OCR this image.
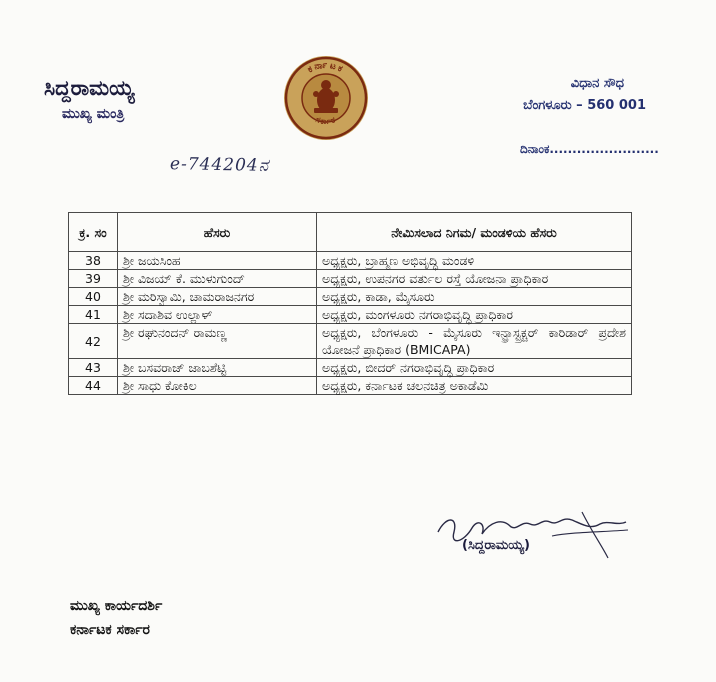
ಸಿದ್ದರಾಮಯ್ಯ
ಮುಖ್ಯ ಮಂತ್ರಿ
ಕರ್ನಾಟಕ
ಸರ್ಕಾರ
ವಿಧಾನ ಸೌಧ
ಬೆಂಗಳೂರು – 560 001
ದಿನಾಂಕ........................
e-744204ನ
ಕ್ರ. ಸಂ	ಹೆಸರು	ನೇಮಿಸಲಾದ ನಿಗಮ/ ಮಂಡಳಿಯ ಹೆಸರು
38	ಶ್ರೀ ಜಯಸಿಂಹ	ಅಧ್ಯಕ್ಷರು, ಬ್ರಾಹ್ಮಣ ಅಭಿವೃದ್ಧಿ ಮಂಡಳಿ
39	ಶ್ರೀ ವಿಜಯ್ ಕೆ. ಮುಳುಗುಂದ್	ಅಧ್ಯಕ್ಷರು, ಉಪನಗರ ವರ್ತುಲ ರಸ್ತೆ ಯೋಜನಾ ಪ್ರಾಧಿಕಾರ
40	ಶ್ರೀ ಮರಿಸ್ವಾಮಿ, ಚಾಮರಾಜನಗರ	ಅಧ್ಯಕ್ಷರು, ಕಾಡಾ, ಮೈಸೂರು
41	ಶ್ರೀ ಸದಾಶಿವ ಉಲ್ಲಾಳ್	ಅಧ್ಯಕ್ಷರು, ಮಂಗಳೂರು ನಗರಾಭಿವೃದ್ಧಿ ಪ್ರಾಧಿಕಾರ
42	ಶ್ರೀ ರಘುನಂದನ್ ರಾಮಣ್ಣ	ಅಧ್ಯಕ್ಷರು, ಬೆಂಗಳೂರು - ಮೈಸೂರು ಇನ್ಫ್ರಾಸ್ಟ್ರಕ್ಚರ್ ಕಾರಿಡಾರ್ ಪ್ರದೇಶ ಯೋಜನೆ ಪ್ರಾಧಿಕಾರ (BMICAPA)
43	ಶ್ರೀ ಬಸವರಾಜ್ ಜಾಬಶೆಟ್ಟಿ	ಅಧ್ಯಕ್ಷರು, ಬೀದರ್ ನಗರಾಭಿವೃದ್ಧಿ ಪ್ರಾಧಿಕಾರ
44	ಶ್ರೀ ಸಾಧು ಕೋಕಿಲ	ಅಧ್ಯಕ್ಷರು, ಕರ್ನಾಟಕ ಚಲನಚಿತ್ರ ಅಕಾಡೆಮಿ
(ಸಿದ್ದರಾಮಯ್ಯ)
ಮುಖ್ಯ ಕಾರ್ಯದರ್ಶಿ
ಕರ್ನಾಟಕ ಸರ್ಕಾರ
